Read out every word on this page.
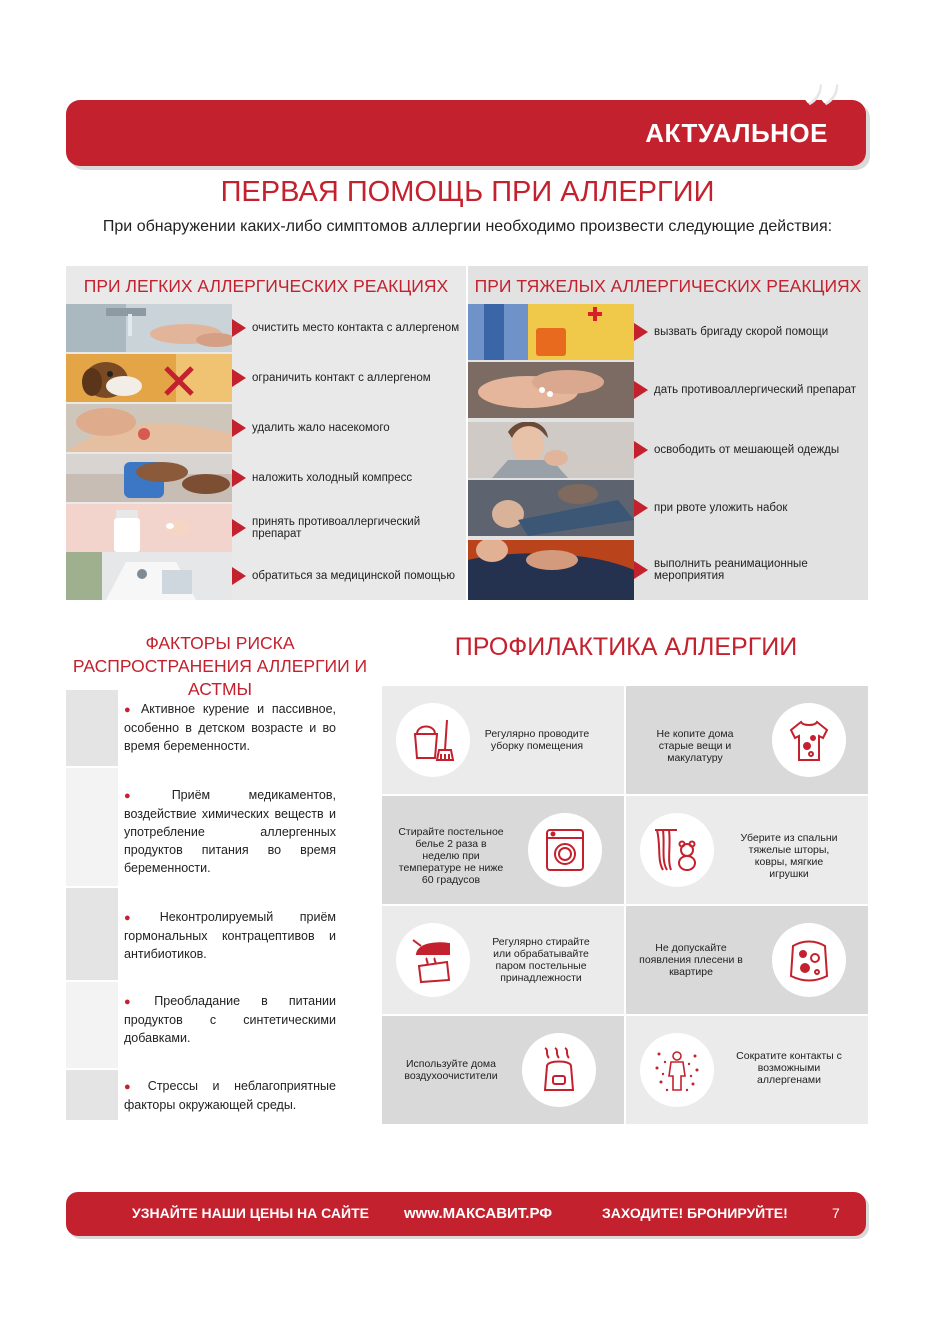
”
АКТУАЛЬНОЕ
ПЕРВАЯ ПОМОЩЬ ПРИ АЛЛЕРГИИ
При обнаружении каких-либо симптомов аллергии необходимо произвести следующие действия:
ПРИ ЛЕГКИХ АЛЛЕРГИЧЕСКИХ РЕАКЦИЯХ
очистить место контакта с аллергеном
ограничить контакт с аллергеном
удалить жало насекомого
наложить холодный компресс
принять противоаллергический препарат
обратиться за медицинской помощью
ПРИ ТЯЖЕЛЫХ АЛЛЕРГИЧЕСКИХ РЕАКЦИЯХ
вызвать бригаду скорой помощи
дать противоаллергический препарат
освободить от мешающей одежды
при рвоте уложить набок
выполнить реанимационные мероприятия
ФАКТОРЫ РИСКА
РАСПРОСТРАНЕНИЯ АЛЛЕРГИИ И АСТМЫ
● Активное курение и пассивное, особенно в детском возрасте и во время беременности.
● Приём медикаментов, воздействие химических веществ и употребление аллергенных продуктов питания во время беременности.
● Неконтролируемый приём гормональных контрацептивов и антибиотиков.
● Преобладание в питании продуктов с синтетическими добавками.
● Стрессы и неблагоприятные факторы окружающей среды.
ПРОФИЛАКТИКА АЛЛЕРГИИ
Регулярно проводите уборку помещения
Не копите дома старые вещи и макулатуру
Стирайте постельное белье 2 раза в неделю при температуре не ниже 60 градусов
Уберите из спальни тяжелые шторы, ковры, мягкие игрушки
Регулярно стирайте или обрабатывайте паром постельные принадлежности
Не допускайте появления плесени в квартире
Используйте дома воздухоочистители
Сократите контакты с возможными аллергенами
УЗНАЙТЕ НАШИ ЦЕНЫ НА САЙТЕ www.МАКСАВИТ.РФ	ЗАХОДИТЕ! БРОНИРУЙТЕ!	7
